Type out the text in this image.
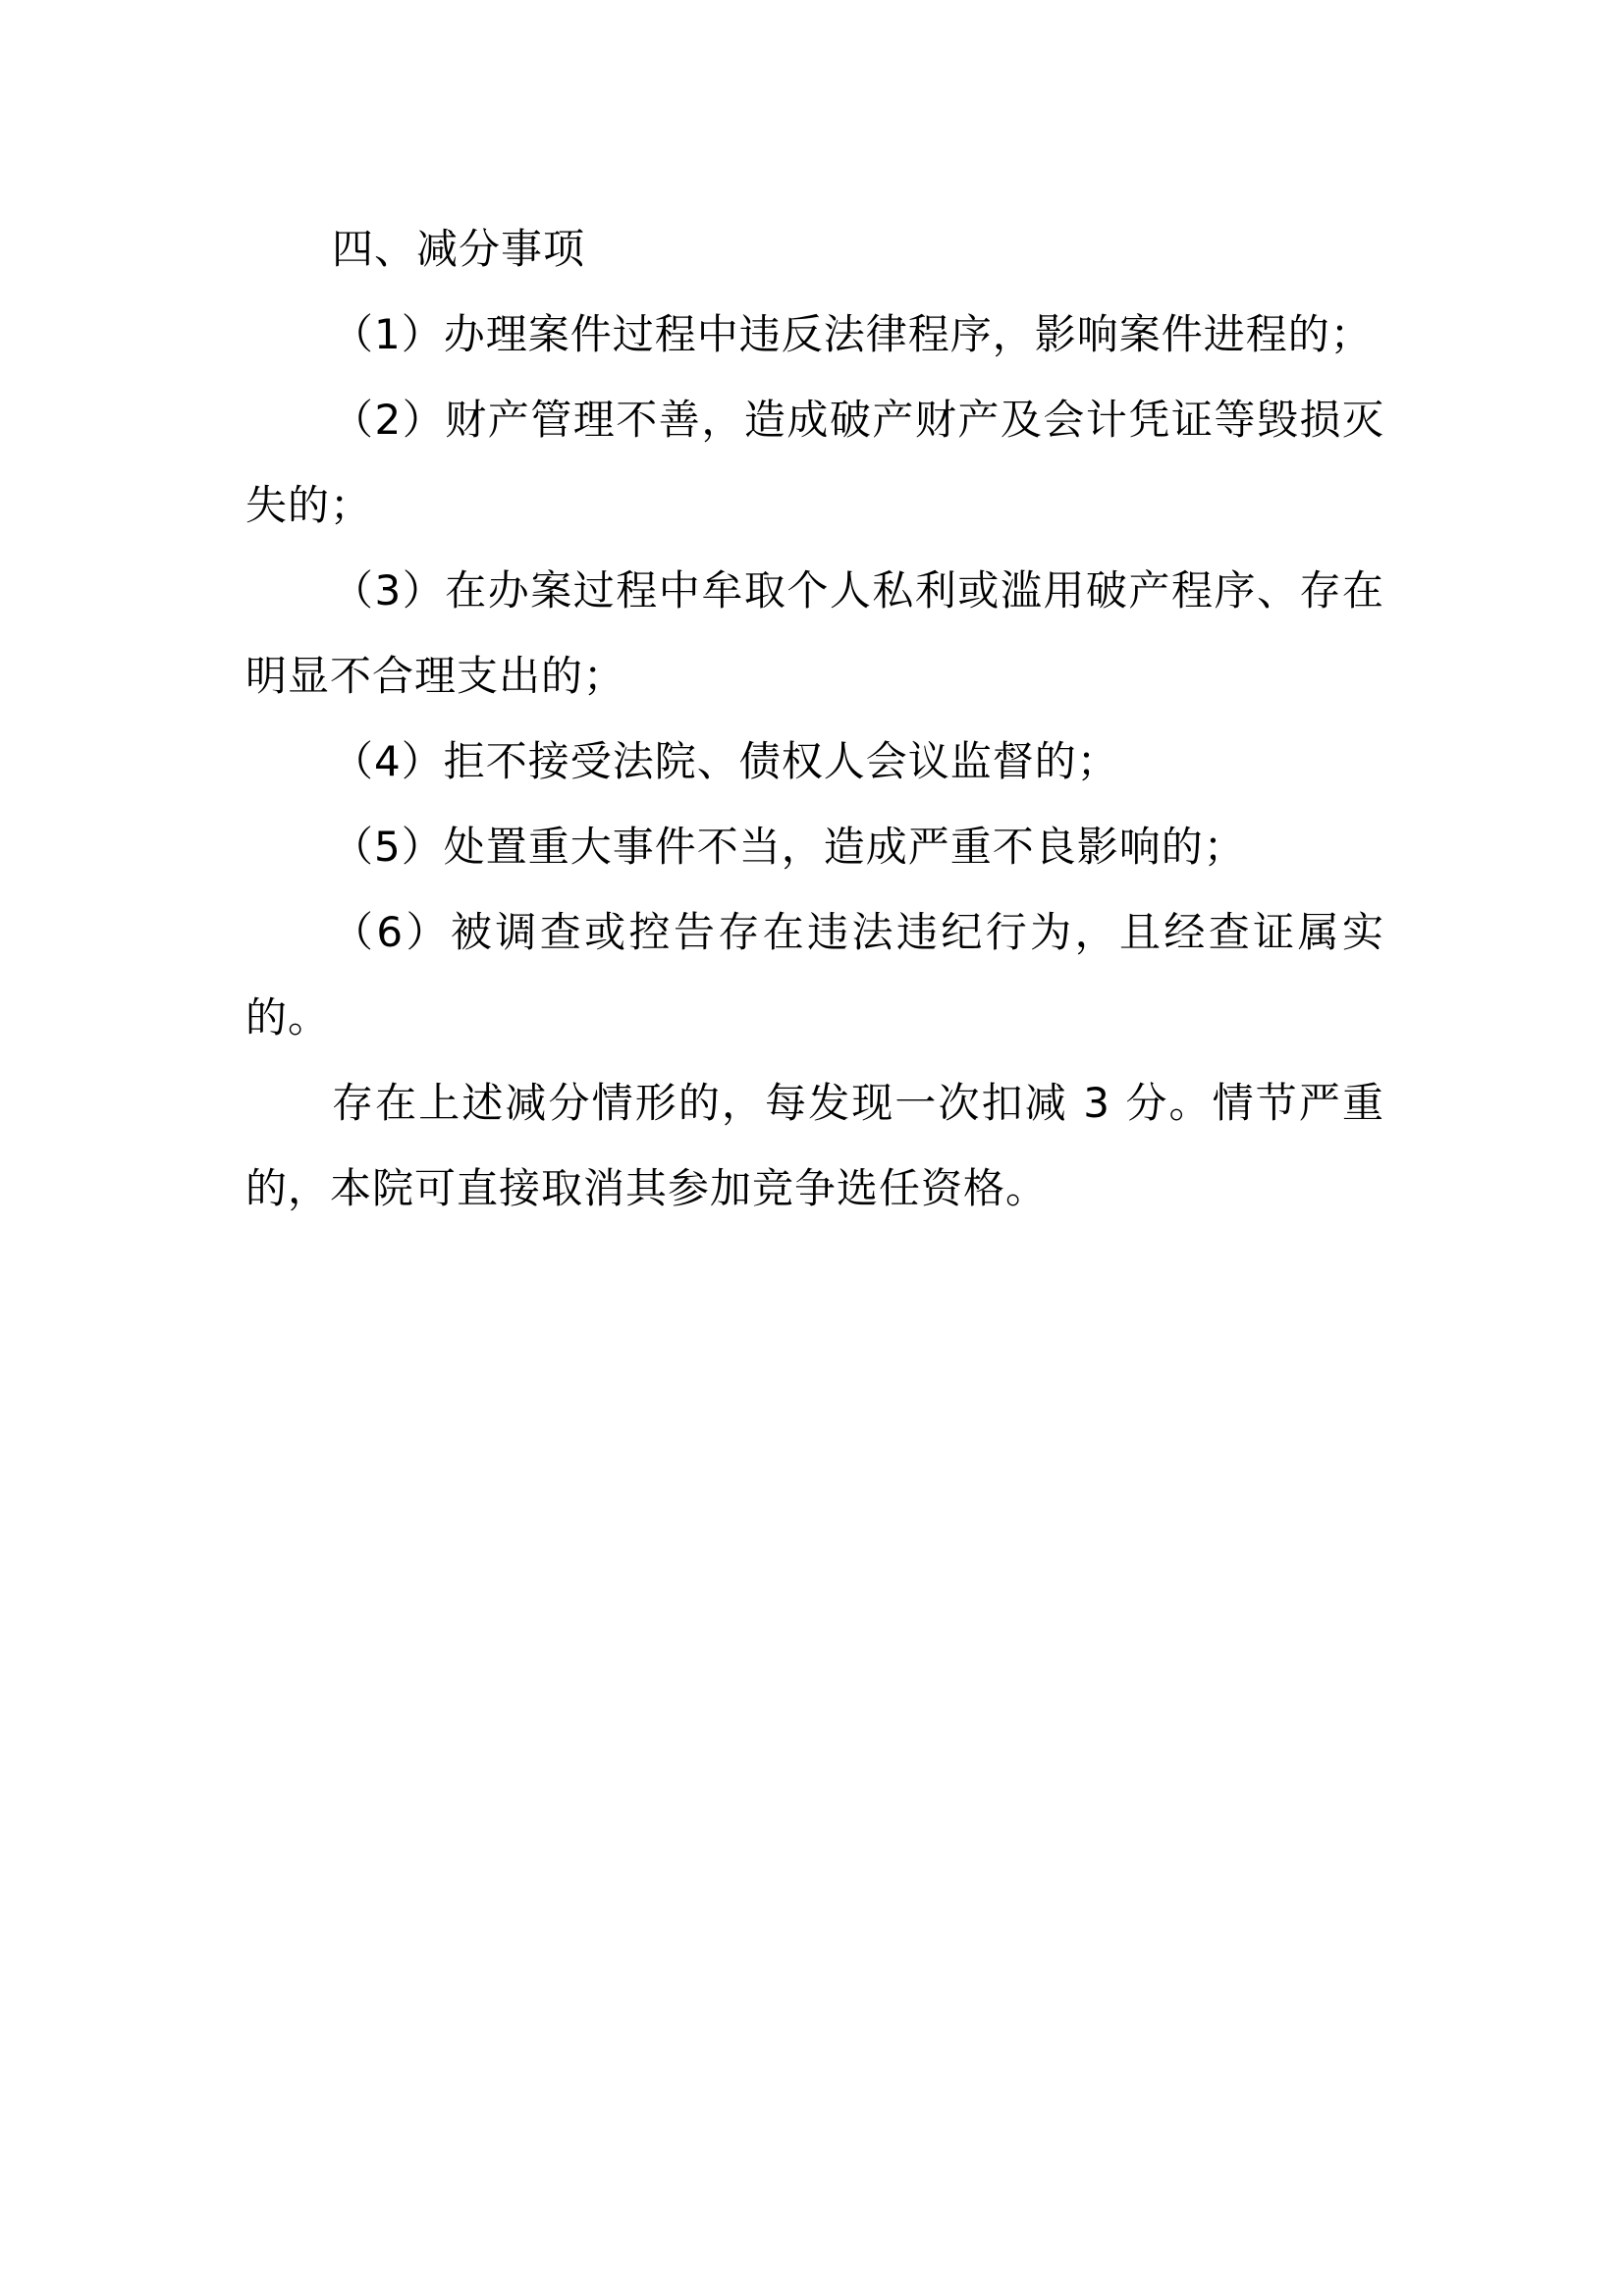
四、减分事项

（1）办理案件过程中违反法律程序，影响案件进程的；

（2）财产管理不善，造成破产财产及会计凭证等毁损灭失的；

（3）在办案过程中牟取个人私利或滥用破产程序、存在明显不合理支出的；

（4）拒不接受法院、债权人会议监督的；

（5）处置重大事件不当，造成严重不良影响的；

（6）被调查或控告存在违法违纪行为，且经查证属实的。

存在上述减分情形的，每发现一次扣减 3 分。情节严重的，本院可直接取消其参加竞争选任资格。
